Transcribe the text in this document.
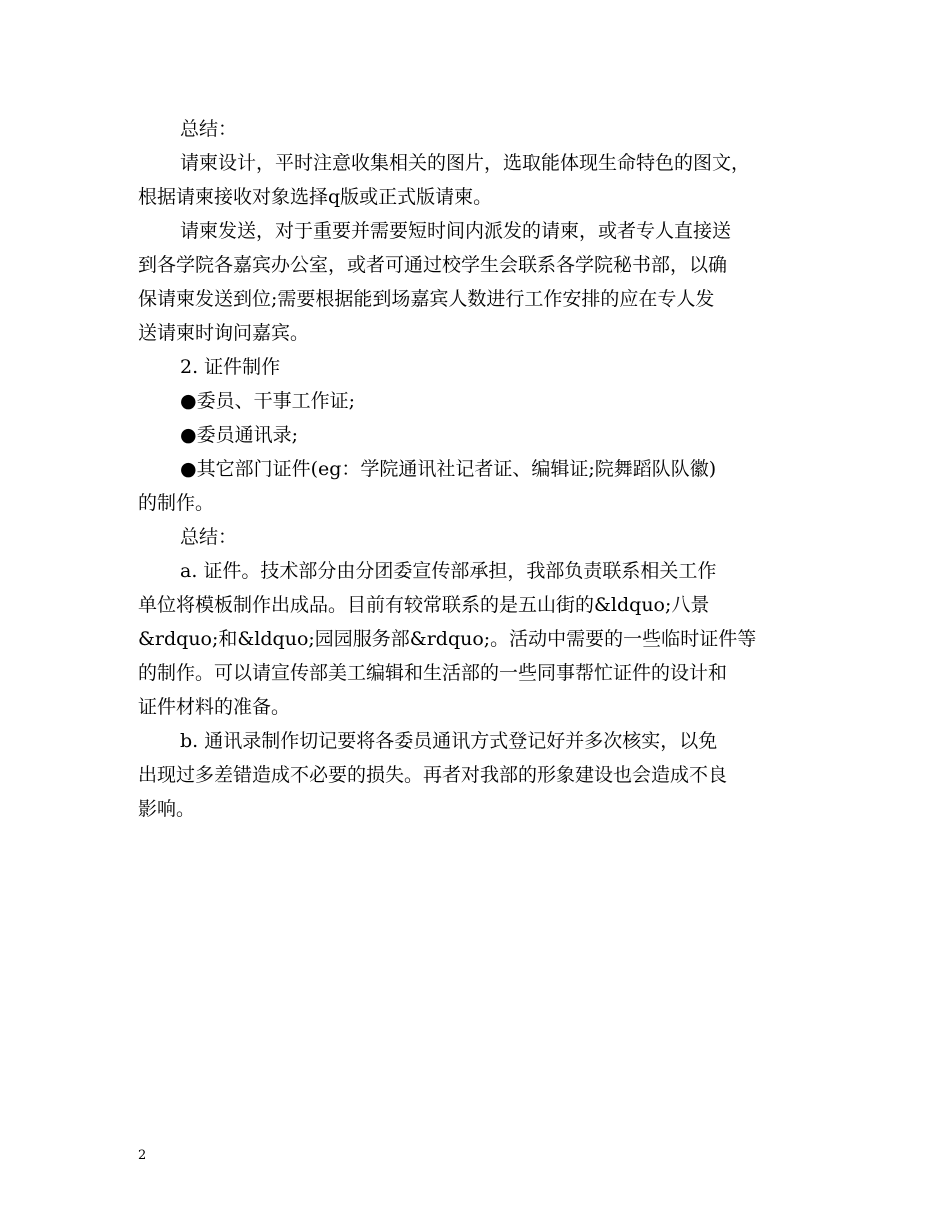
总结：
请柬设计，平时注意收集相关的图片，选取能体现生命特色的图文，
根据请柬接收对象选择q版或正式版请柬。
请柬发送，对于重要并需要短时间内派发的请柬，或者专人直接送
到各学院各嘉宾办公室，或者可通过校学生会联系各学院秘书部，以确
保请柬发送到位;需要根据能到场嘉宾人数进行工作安排的应在专人发
送请柬时询问嘉宾。
2. 证件制作
●委员、干事工作证;
●委员通讯录;
●其它部门证件(eg：学院通讯社记者证、编辑证;院舞蹈队队徽)
的制作。
总结：
a. 证件。技术部分由分团委宣传部承担，我部负责联系相关工作
单位将模板制作出成品。目前有较常联系的是五山街的&ldquo;八景
&rdquo;和&ldquo;园园服务部&rdquo;。活动中需要的一些临时证件等
的制作。可以请宣传部美工编辑和生活部的一些同事帮忙证件的设计和
证件材料的准备。
b. 通讯录制作切记要将各委员通讯方式登记好并多次核实，以免
出现过多差错造成不必要的损失。再者对我部的形象建设也会造成不良
影响。
2
